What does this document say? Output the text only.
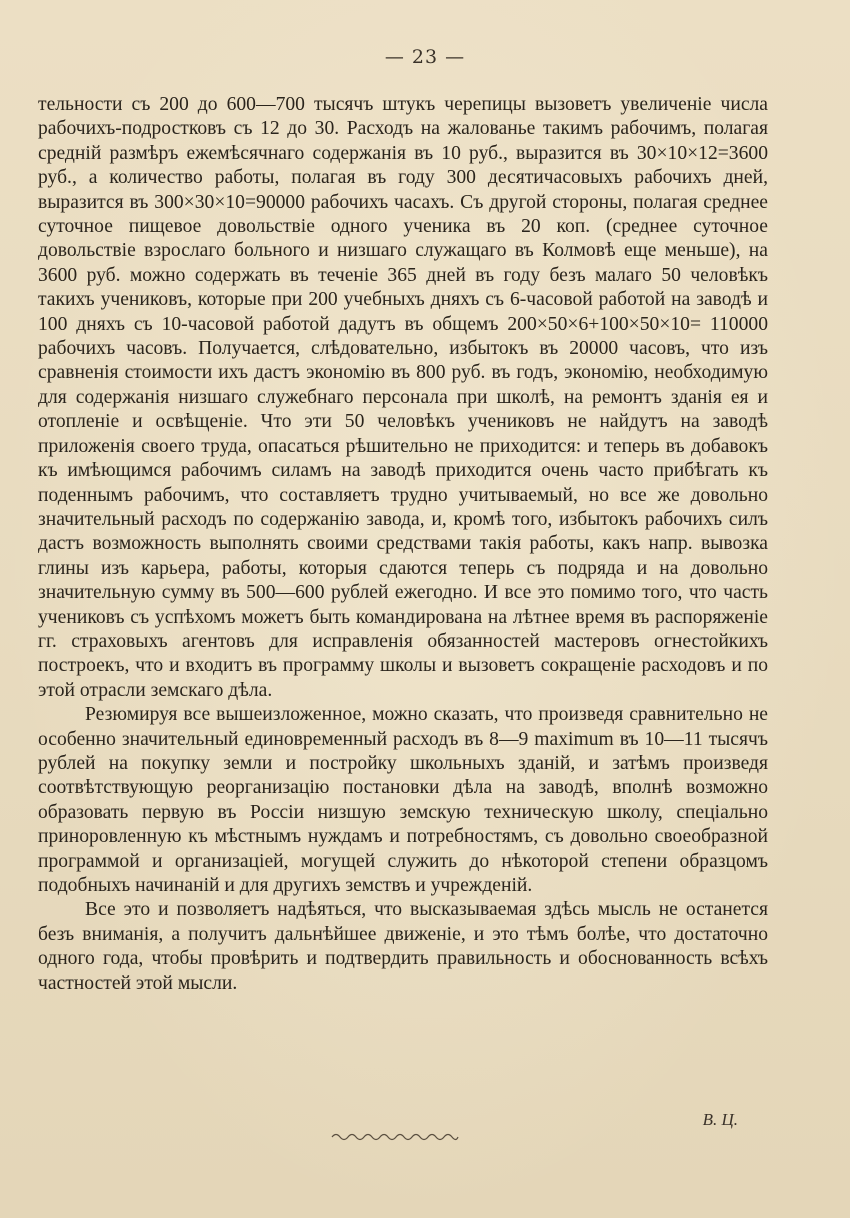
— 23 —

тельности съ 200 до 600—700 тысячъ штукъ черепицы вызоветъ увеличеніе числа рабочихъ-подростковъ съ 12 до 30. Расходъ на жалованье такимъ рабочимъ, полагая среднiй размѣръ ежемѣсячнаго содержанія въ 10 руб., выразится въ 30×10×12=3600 руб., а количество работы, полагая въ году 300 десятичасовыхъ рабочихъ дней, выразится въ 300×30×10=90000 рабочихъ часахъ. Съ другой стороны, полагая среднее суточное пищевое довольствіе одного ученика въ 20 коп. (среднее суточное довольствіе взрослаго больного и низшаго служащаго въ Колмовѣ еще меньше), на 3600 руб. можно содержать въ теченіе 365 дней въ году безъ малаго 50 человѣкъ такихъ учениковъ, которые при 200 учебныхъ дняхъ съ 6-часовой работой на заводѣ и 100 дняхъ съ 10-часовой работой дадутъ въ общемъ 200×50×6+100×50×10= 110000 рабочихъ часовъ. Получается, слѣдовательно, избытокъ въ 20000 часовъ, что изъ сравненія стоимости ихъ дастъ экономію въ 800 руб. въ годъ, экономію, необходимую для содержанія низшаго служебнаго персонала при школѣ, на ремонтъ зданія ея и отопленіе и освѣщеніе. Что эти 50 человѣкъ учениковъ не найдутъ на заводѣ приложенія своего труда, опасаться рѣшительно не приходится: и теперь въ добавокъ къ имѣющимся рабочимъ силамъ на заводѣ приходится очень часто прибѣгать къ поденнымъ рабочимъ, что составляетъ трудно учитываемый, но все же довольно значительный расходъ по содержанію завода, и, кромѣ того, избытокъ рабочихъ силъ дастъ возможность выполнять своими средствами такія работы, какъ напр. вывозка глины изъ карьера, работы, которыя сдаются теперь съ подряда и на довольно значительную сумму въ 500—600 рублей ежегодно. И все это помимо того, что часть учениковъ съ успѣхомъ можетъ быть командирована на лѣтнее время въ распоряженіе гг. страховыхъ агентовъ для исправленія обязанностей мастеровъ огнестойкихъ построекъ, что и входитъ въ программу школы и вызоветъ сокращеніе расходовъ и по этой отрасли земскаго дѣла.

Резюмируя все вышеизложенное, можно сказать, что произведя сравнительно не особенно значительный единовременный расходъ въ 8—9 maximum въ 10—11 тысячъ рублей на покупку земли и постройку школьныхъ зданій, и затѣмъ произведя соотвѣтствующую реорганизацію постановки дѣла на заводѣ, вполнѣ возможно образовать первую въ Россіи низшую земскую техническую школу, спеціально приноровленную къ мѣстнымъ нуждамъ и потребностямъ, съ довольно своеобразной программой и организаціей, могущей служить до нѣкоторой степени образцомъ подобныхъ начинаній и для другихъ земствъ и учрежденій.

Все это и позволяетъ надѣяться, что высказываемая здѣсь мысль не останется безъ вниманія, а получитъ дальнѣйшее движеніе, и это тѣмъ болѣе, что достаточно одного года, чтобы провѣрить и подтвердить правильность и обоснованность всѣхъ частностей этой мысли.

В. Ц.
